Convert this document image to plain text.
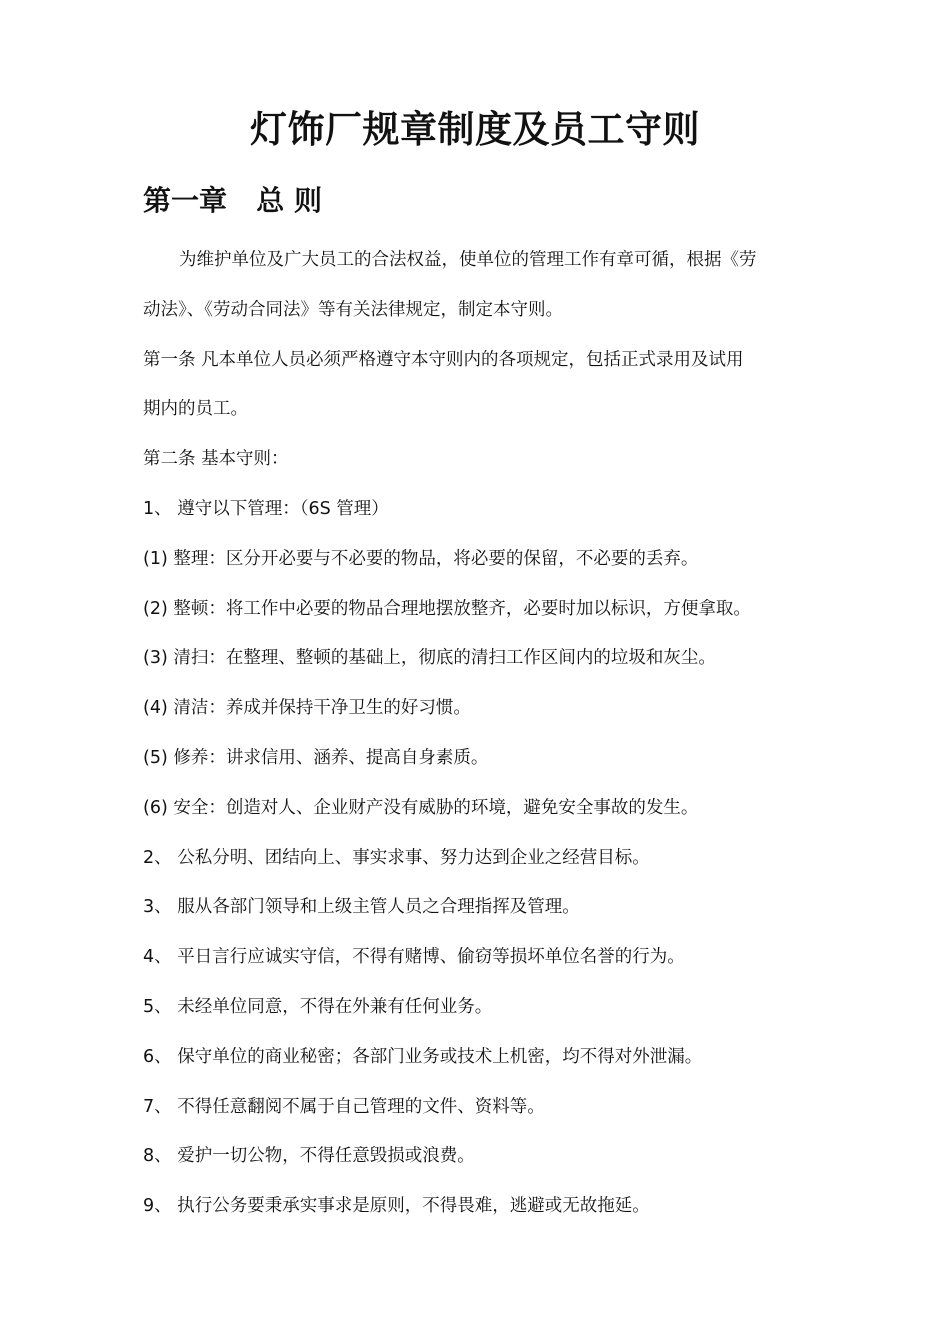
灯饰厂规章制度及员工守则
第一章   总 则
为维护单位及广大员工的合法权益，使单位的管理工作有章可循，根据《劳
动法》、《劳动合同法》等有关法律规定，制定本守则。
第一条 凡本单位人员必须严格遵守本守则内的各项规定，包括正式录用及试用
期内的员工。
第二条 基本守则：
1、 遵守以下管理：（6S 管理）
(1) 整理：区分开必要与不必要的物品，将必要的保留，不必要的丢弃。
(2) 整顿：将工作中必要的物品合理地摆放整齐，必要时加以标识，方便拿取。
(3) 清扫：在整理、整顿的基础上，彻底的清扫工作区间内的垃圾和灰尘。
(4) 清洁：养成并保持干净卫生的好习惯。
(5) 修养：讲求信用、涵养、提高自身素质。
(6) 安全：创造对人、企业财产没有威胁的环境，避免安全事故的发生。
2、 公私分明、团结向上、事实求事、努力达到企业之经营目标。
3、 服从各部门领导和上级主管人员之合理指挥及管理。
4、 平日言行应诚实守信，不得有赌博、偷窃等损坏单位名誉的行为。
5、 未经单位同意，不得在外兼有任何业务。
6、 保守单位的商业秘密；各部门业务或技术上机密，均不得对外泄漏。
7、 不得任意翻阅不属于自己管理的文件、资料等。
8、 爱护一切公物，不得任意毁损或浪费。
9、 执行公务要秉承实事求是原则，不得畏难，逃避或无故拖延。
